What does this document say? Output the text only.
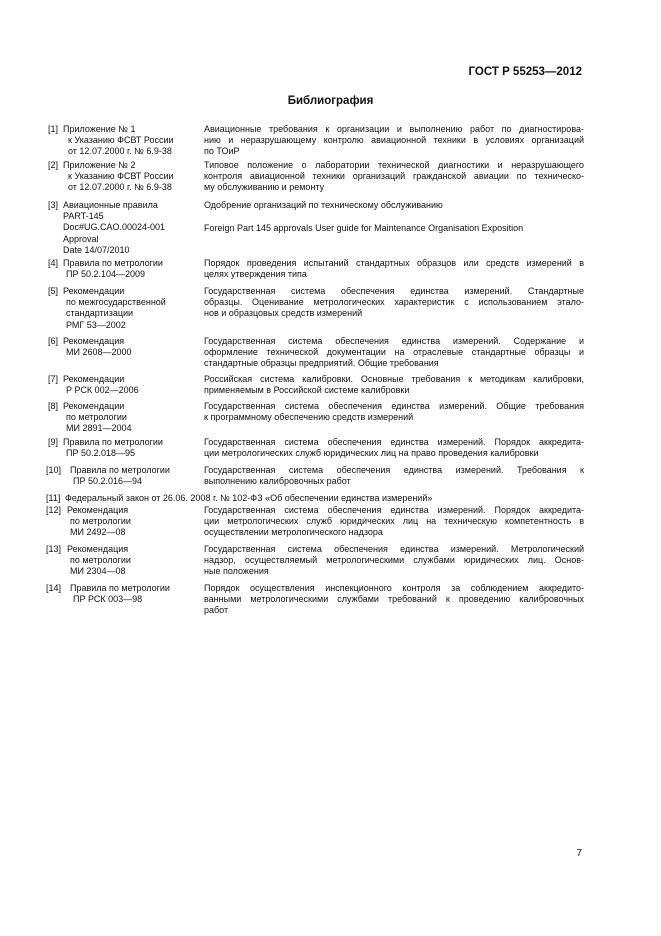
ГОСТ Р 55253—2012
Библиография
[1] Приложение № 1
к Указанию ФСВТ России
от 12.07.2000 г. № 6.9-38
Авиационные требования к организации и выполнению работ по диагностирова-
нию и неразрушающему контролю авиационной техники в условиях организаций
по ТОиР
[2] Приложение № 2
к Указанию ФСВТ России
от 12.07.2000 г. № 6.9-38
Типовое положение о лаборатории технической диагностики и неразрушающего
контроля авиационной техники организаций гражданской авиации по техническо-
му обслуживанию и ремонту
[3] Авиационные правила
PART-145
Doc#UG.CAO.00024-001
Approval
Date 14/07/2010
Одобрение организаций по техническому обслуживанию
Foreign Part 145 approvals User guide for Maintenance Organisation Exposition
[4] Правила по метрологии
ПР 50.2.104—2009
Порядок проведения испытаний стандартных образцов или средств измерений в
целях утверждения типа
[5] Рекомендации
по межгосударственной
стандартизации
РМГ 53—2002
Государственная система обеспечения единства измерений. Стандартные
образцы. Оценивание метрологических характеристик с использованием этало-
нов и образцовых средств измерений
[6] Рекомендация
МИ 2608—2000
Государственная система обеспечения единства измерений. Содержание и
оформление технической документации на отраслевые стандартные образцы и
стандартные образцы предприятий. Общие требования
[7] Рекомендации
Р РСК 002—2006
Российская система калибровки. Основные требования к методикам калибровки,
применяемым в Российской системе калибровки
[8] Рекомендации
по метрологии
МИ 2891—2004
Государственная система обеспечения единства измерений. Общие требования
к программному обеспечению средств измерений
[9] Правила по метрологии
ПР 50.2.018—95
Государственная система обеспечения единства измерений. Порядок аккредита-
ции метрологических служб юридических лиц на право проведения калибровки
[10] Правила по метрологии
ПР 50.2.016—94
Государственная система обеспечения единства измерений. Требования к
выполнению калибровочных работ
[11] Федеральный закон от 26.06. 2008 г. № 102-ФЗ «Об обеспечении единства измерений»
[12] Рекомендация
по метрологии
МИ 2492—08
Государственная система обеспечения единства измерений. Порядок аккредита-
ции метрологических служб юридических лиц на техническую компетентность в
осуществлении метрологического надзора
[13] Рекомендация
по метрологии
МИ 2304—08
Государственная система обеспечения единства измерений. Метрологический
надзор, осуществляемый метрологическими службами юридических лиц. Основ-
ные положения
[14] Правила по метрологии
ПР РСК 003—98
Порядок осуществления инспекционного контроля за соблюдением аккредито-
ванными метрологическими службами требований к проведению калибровочных
работ
7
